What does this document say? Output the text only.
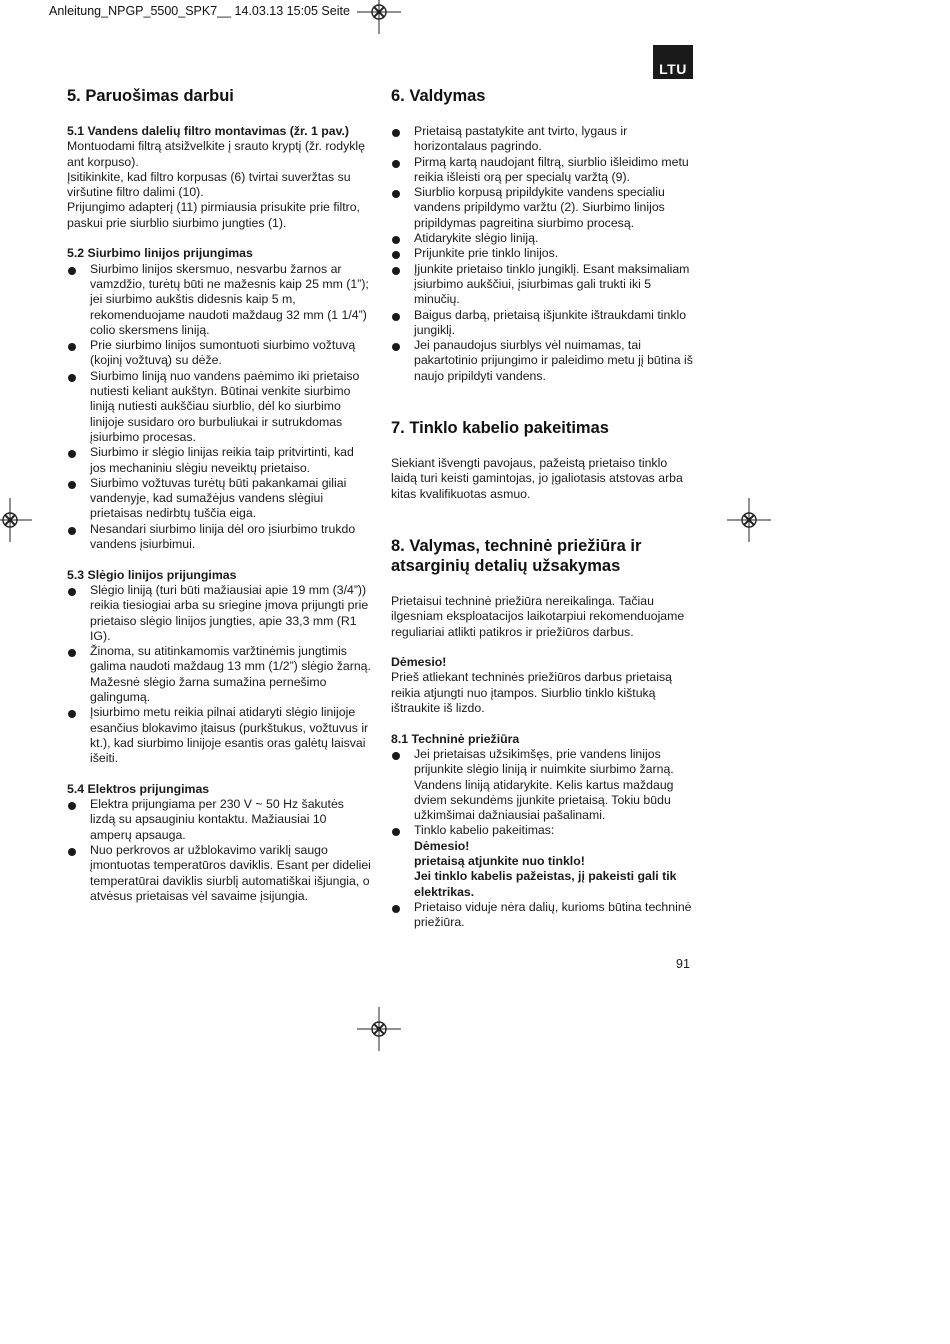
Anleitung_NPGP_5500_SPK7__ 14.03.13 15:05 Seite
LTU
5. Paruošimas darbui
5.1 Vandens dalelių filtro montavimas (žr. 1 pav.)

Montuodami filtrą atsižvelkite į srauto kryptį (žr. rodyklę ant korpuso).

Įsitikinkite, kad filtro korpusas (6) tvirtai suveržtas su viršutine filtro dalimi (10).

Prijungimo adapterį (11) pirmiausia prisukite prie filtro, paskui prie siurblio siurbimo jungties (1).

5.2 Siurbimo linijos prijungimas
Siurbimo linijos skersmuo, nesvarbu žarnos ar vamzdžio, turėtų būti ne mažesnis kaip 25 mm (1”); jei siurbimo aukštis didesnis kaip 5 m, rekomenduojame naudoti maždaug 32 mm (1 1/4”) colio skersmens liniją.
Prie siurbimo linijos sumontuoti siurbimo vožtuvą (kojinį vožtuvą) su dėže.
Siurbimo liniją nuo vandens paėmimo iki prietaiso nutiesti keliant aukštyn. Būtinai venkite siurbimo liniją nutiesti aukščiau siurblio, dėl ko siurbimo linijoje susidaro oro burbuliukai ir sutrukdomas įsiurbimo procesas.
Siurbimo ir slėgio linijas reikia taip pritvirtinti, kad jos mechaniniu slėgiu neveiktų prietaiso.
Siurbimo vožtuvas turėtų būti pakankamai giliai vandenyje, kad sumažėjus vandens slėgiui prietaisas nedirbtų tuščia eiga.
Nesandari siurbimo linija dėl oro įsiurbimo trukdo vandens įsiurbimui.
5.3 Slėgio linijos prijungimas
Slėgio liniją (turi būti mažiausiai apie 19 mm (3/4”)) reikia tiesiogiai arba su sriegine įmova prijungti prie prietaiso slėgio linijos jungties, apie 33,3 mm (R1 IG).
Žinoma, su atitinkamomis varžtinėmis jungtimis galima naudoti maždaug 13 mm (1/2”) slėgio žarną. Mažesnė slėgio žarna sumažina pernešimo galingumą.
Įsiurbimo metu reikia pilnai atidaryti slėgio linijoje esančius blokavimo įtaisus (purkštukus, vožtuvus ir kt.), kad siurbimo linijoje esantis oras galėtų laisvai išeiti.
5.4 Elektros prijungimas
Elektra prijungiama per 230 V ~ 50 Hz šakutės lizdą su apsauginiu kontaktu. Mažiausiai 10 amperų apsauga.
Nuo perkrovos ar užblokavimo variklį saugo įmontuotas temperatūros daviklis. Esant per dideliei temperatūrai daviklis siurblį automatiškai išjungia, o atvėsus prietaisas vėl savaime įsijungia.
6. Valdymas
Prietaisą pastatykite ant tvirto, lygaus ir horizontalaus pagrindo.
Pirmą kartą naudojant filtrą, siurblio išleidimo metu reikia išleisti orą per specialų varžtą (9).
Siurblio korpusą pripildykite vandens specialiu vandens pripildymo varžtu (2). Siurbimo linijos pripildymas pagreitina siurbimo procesą.
Atidarykite slėgio liniją.
Prijunkite prie tinklo linijos.
Įjunkite prietaiso tinklo jungiklį. Esant maksimaliam įsiurbimo aukščiui, įsiurbimas gali trukti iki 5 minučių.
Baigus darbą, prietaisą išjunkite ištraukdami tinklo jungiklį.
Jei panaudojus siurblys vėl nuimamas, tai pakartotinio prijungimo ir paleidimo metu jį būtina iš naujo pripildyti vandens.
7. Tinklo kabelio pakeitimas

Siekiant išvengti pavojaus, pažeistą prietaiso tinklo laidą turi keisti gamintojas, jo įgaliotasis atstovas arba kitas kvalifikuotas asmuo.

8. Valymas, techninė priežiūra ir atsarginių detalių užsakymas

Prietaisui techninė priežiūra nereikalinga. Tačiau ilgesniam eksploatacijos laikotarpiui rekomenduojame reguliariai atlikti patikros ir priežiūros darbus.

Dėmesio!

Prieš atliekant techninės priežiūros darbus prietaisą reikia atjungti nuo įtampos. Siurblio tinklo kištuką ištraukite iš lizdo.

8.1 Techninė priežiūra
Jei prietaisas užsikimšęs, prie vandens linijos prijunkite slėgio liniją ir nuimkite siurbimo žarną. Vandens liniją atidarykite. Kelis kartus maždaug dviem sekundėms įjunkite prietaisą. Tokiu būdu užkimšimai dažniausiai pašalinami.
Tinklo kabelio pakeitimas:
Dėmesio!
prietaisą atjunkite nuo tinklo!
Jei tinklo kabelis pažeistas, jį pakeisti gali tik elektrikas.
Prietaiso viduje nėra dalių, kurioms būtina techninė priežiūra.
91
